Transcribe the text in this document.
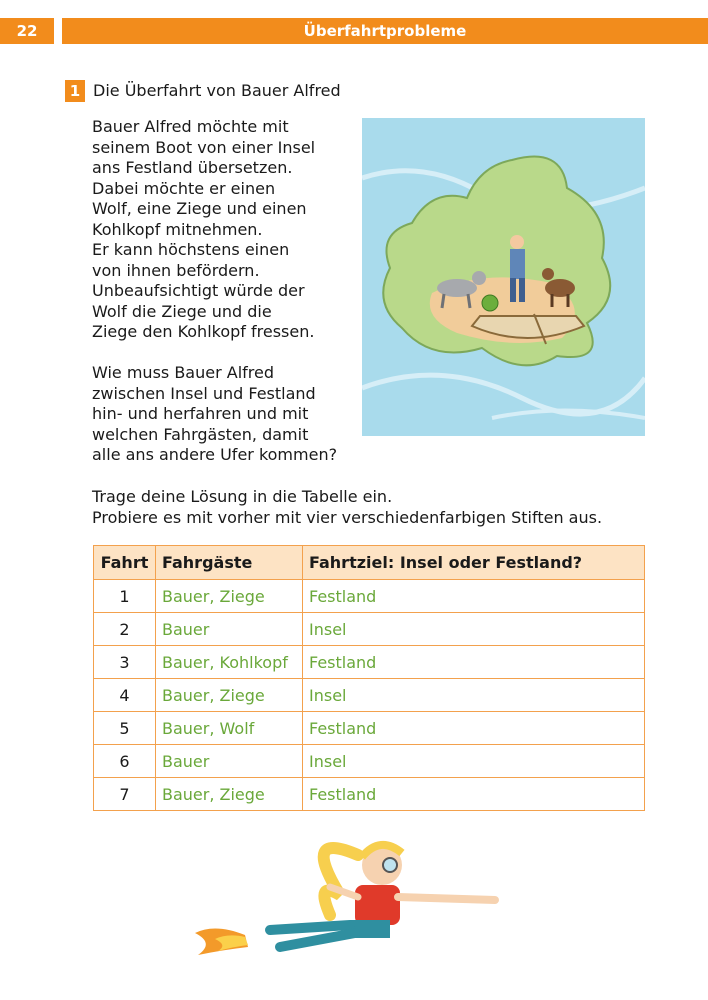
22	Überfahrtprobleme
1 Die Überfahrt von Bauer Alfred

Bauer Alfred möchte mit
seinem Boot von einer Insel
ans Festland übersetzen.
Dabei möchte er einen
Wolf, eine Ziege und einen
Kohlkopf mitnehmen.
Er kann höchstens einen
von ihnen befördern.
Unbeaufsichtigt würde der
Wolf die Ziege und die
Ziege den Kohlkopf fressen.

Wie muss Bauer Alfred
zwischen Insel und Festland
hin- und herfahren und mit
welchen Fahrgästen, damit
alle ans andere Ufer kommen?

Trage deine Lösung in die Tabelle ein.
Probiere es mit vorher mit vier verschiedenfarbigen Stiften aus.

Fahrt	Fahrgäste	Fahrtziel: Insel oder Festland?
1	Bauer, Ziege	Festland
2	Bauer	Insel
3	Bauer, Kohlkopf	Festland
4	Bauer, Ziege	Insel
5	Bauer, Wolf	Festland
6	Bauer	Insel
7	Bauer, Ziege	Festland
